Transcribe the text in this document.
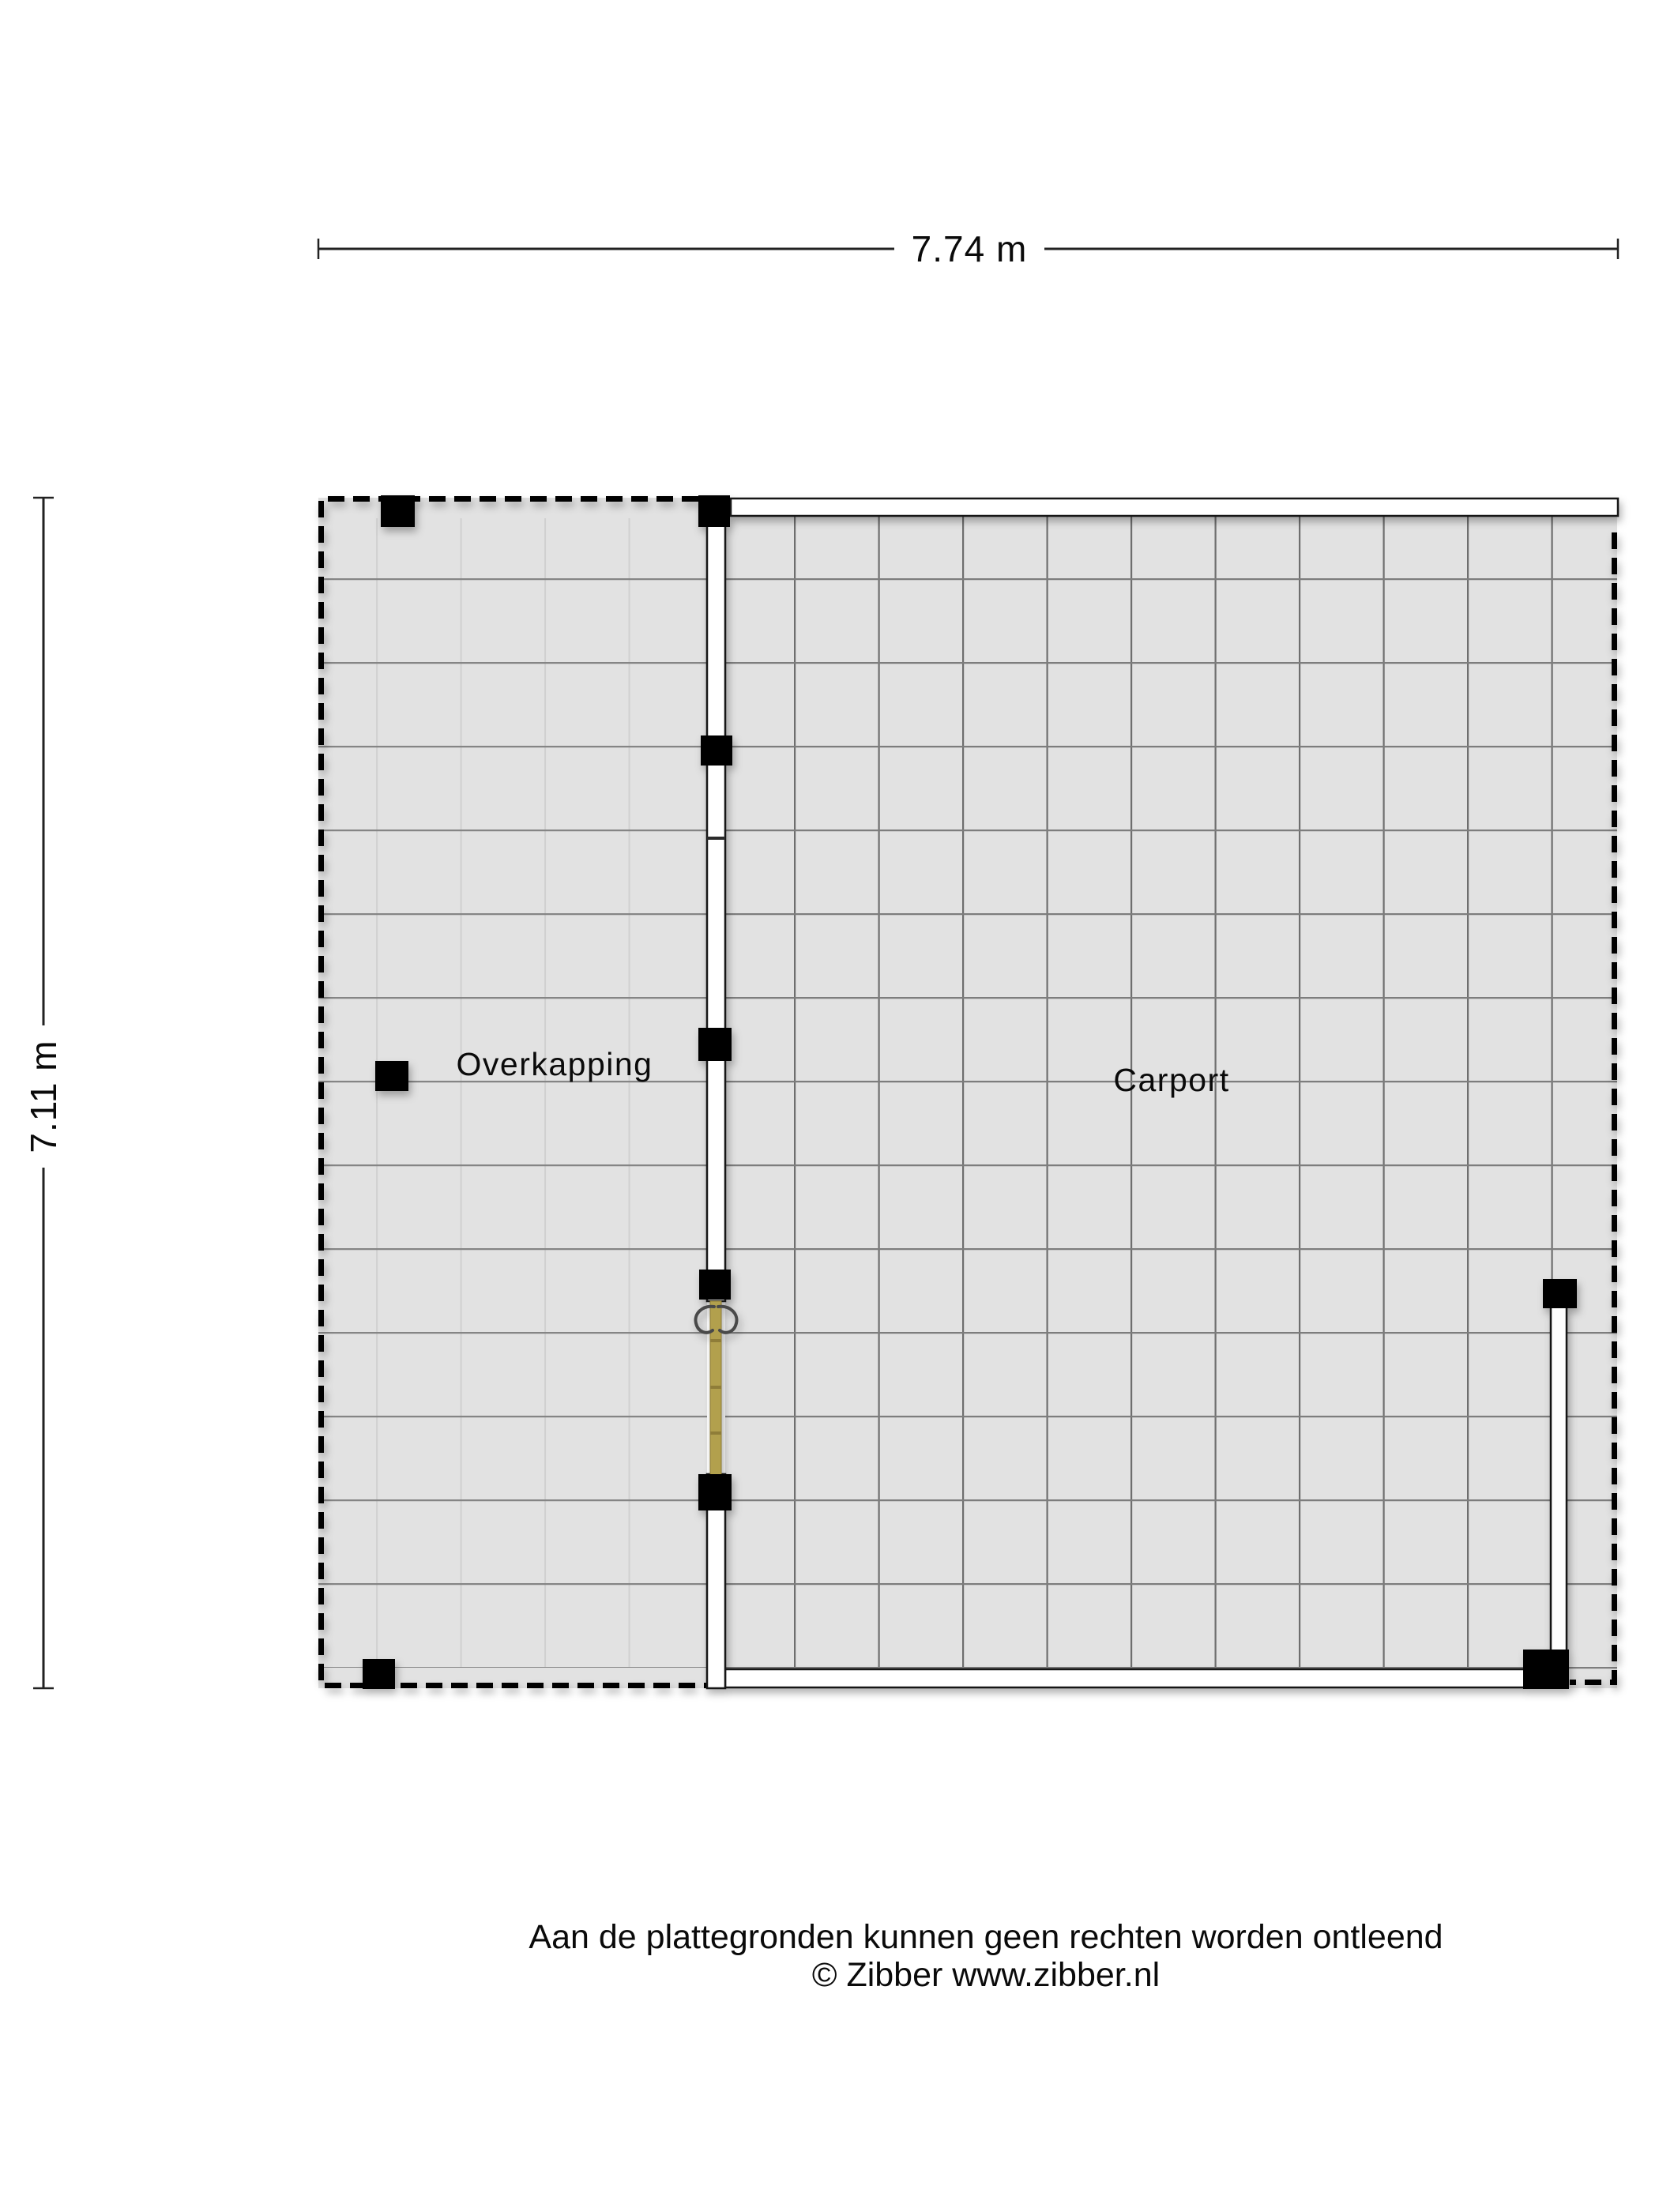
7.74 m
7.11 m	Overkapping	Carport
Aan de plattegronden kunnen geen rechten worden ontleend
© Zibber www.zibber.nl
